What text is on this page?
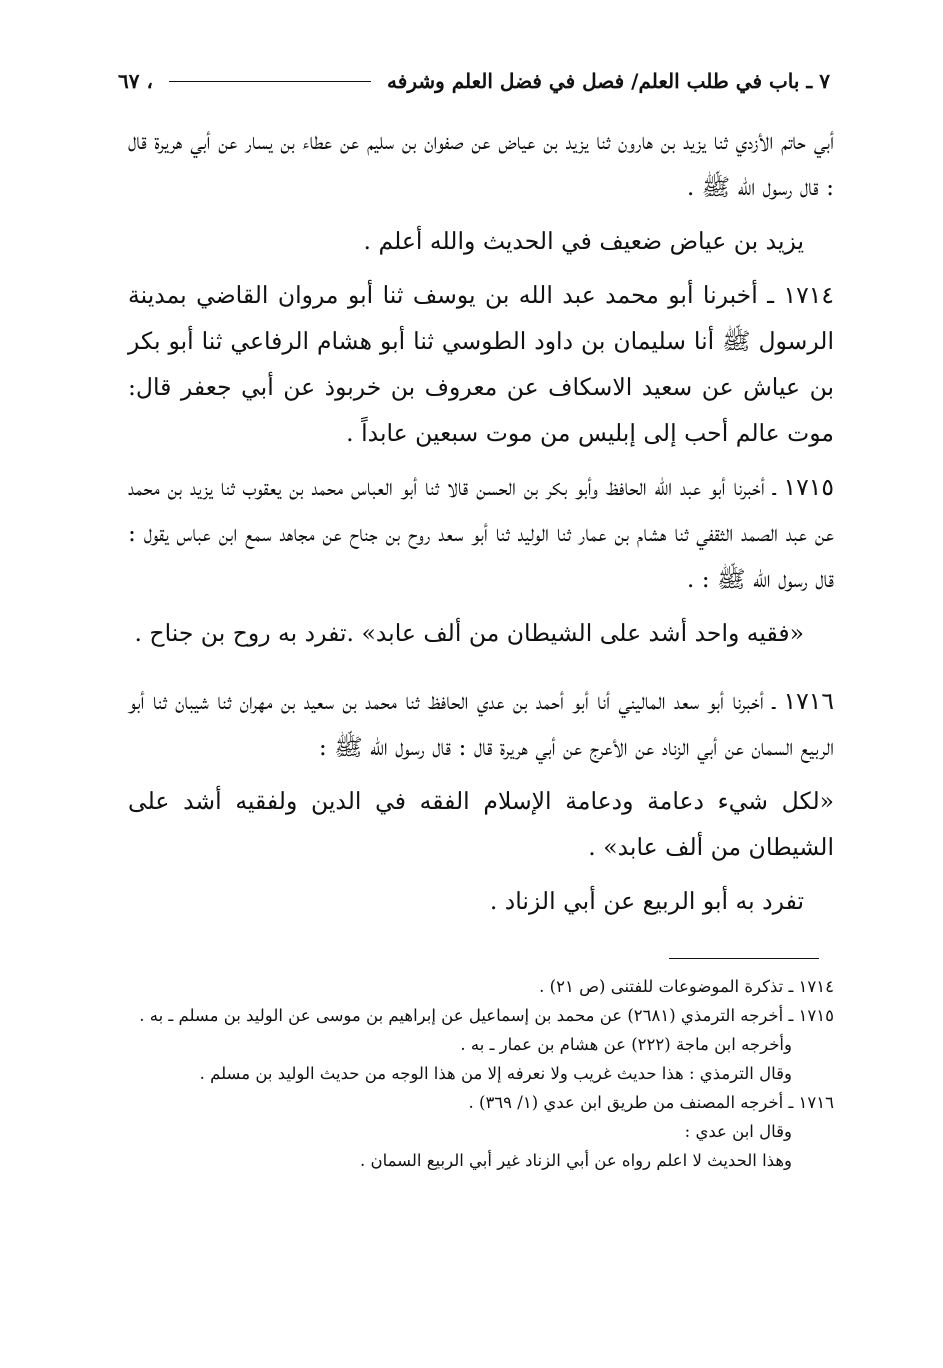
٧ ـ باب في طلب العلم/ فصل في فضل العلم وشرفه
، ٦٧

أبي حاتم الأزدي ثنا يزيد بن هارون ثنا يزيد بن عياض عن صفوان بن سليم عن عطاء بن يسار عن أبي هريرة قال : قال رسول الله ﷺ .

يزيد بن عياض ضعيف في الحديث والله أعلم .

١٧١٤ ـ أخبرنا أبو محمد عبد الله بن يوسف ثنا أبو مروان القاضي بمدينة الرسول ﷺ أنا سليمان بن داود الطوسي ثنا أبو هشام الرفاعي ثنا أبو بكر بن عياش عن سعيد الاسكاف عن معروف بن خربوذ عن أبي جعفر قال: موت عالم أحب إلى إبليس من موت سبعين عابداً .

١٧١٥ ـ أخبرنا أبو عبد الله الحافظ وأبو بكر بن الحسن قالا ثنا أبو العباس محمد بن يعقوب ثنا يزيد بن محمد عن عبد الصمد الثقفي ثنا هشام بن عمار ثنا الوليد ثنا أبو سعد روح بن جناح عن مجاهد سمع ابن عباس يقول : قال رسول الله ﷺ : .

«فقيه واحد أشد على الشيطان من ألف عابد» .تفرد به روح بن جناح .

١٧١٦ ـ أخبرنا أبو سعد الماليني أنا أبو أحمد بن عدي الحافظ ثنا محمد بن سعيد بن مهران ثنا شيبان ثنا أبو الربيع السمان عن أبي الزناد عن الأعرج عن أبي هريرة قال : قال رسول الله ﷺ :

«لكل شيء دعامة ودعامة الإسلام الفقه في الدين ولفقيه أشد على الشيطان من ألف عابد» .

تفرد به أبو الربيع عن أبي الزناد .

١٧١٤ ـ تذكرة الموضوعات للفتنى (ص ٢١) .

١٧١٥ ـ أخرجه الترمذي (٢٦٨١) عن محمد بن إسماعيل عن إبراهيم بن موسى عن الوليد بن مسلم ـ به .

وأخرجه ابن ماجة (٢٢٢) عن هشام بن عمار ـ به .

وقال الترمذي : هذا حديث غريب ولا نعرفه إلا من هذا الوجه من حديث الوليد بن مسلم .

١٧١٦ ـ أخرجه المصنف من طريق ابن عدي (١/ ٣٦٩) .

وقال ابن عدي :

وهذا الحديث لا اعلم رواه عن أبي الزناد غير أبي الربيع السمان .
